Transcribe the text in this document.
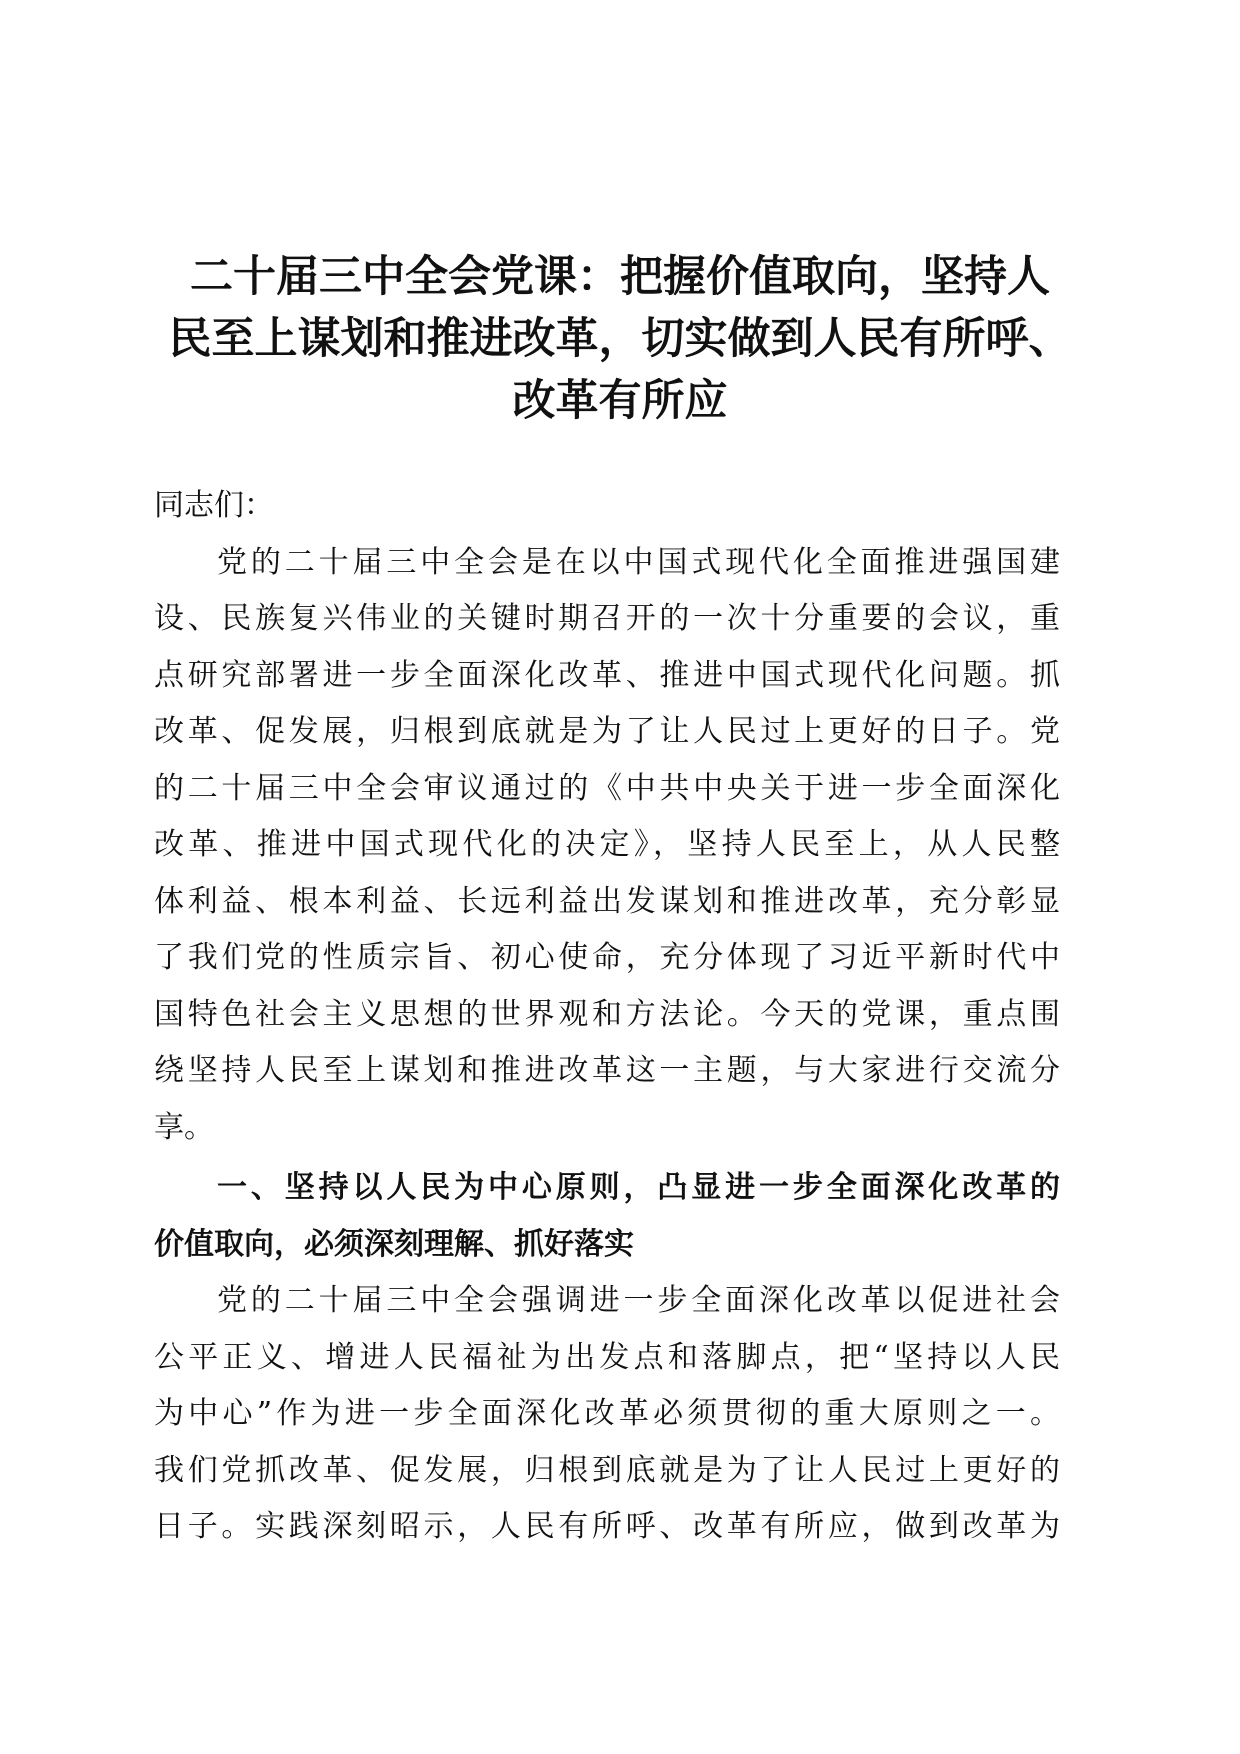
二十届三中全会党课：把握价值取向，坚持人
民至上谋划和推进改革，切实做到人民有所呼、
改革有所应
同志们：
党的二十届三中全会是在以中国式现代化全面推进强国建
设、民族复兴伟业的关键时期召开的一次十分重要的会议，重
点研究部署进一步全面深化改革、推进中国式现代化问题。抓
改革、促发展，归根到底就是为了让人民过上更好的日子。党
的二十届三中全会审议通过的《中共中央关于进一步全面深化
改革、推进中国式现代化的决定》，坚持人民至上，从人民整
体利益、根本利益、长远利益出发谋划和推进改革，充分彰显
了我们党的性质宗旨、初心使命，充分体现了习近平新时代中
国特色社会主义思想的世界观和方法论。今天的党课，重点围
绕坚持人民至上谋划和推进改革这一主题，与大家进行交流分
享。
一、坚持以人民为中心原则，凸显进一步全面深化改革的
价值取向，必须深刻理解、抓好落实
党的二十届三中全会强调进一步全面深化改革以促进社会
公平正义、增进人民福祉为出发点和落脚点，把“坚持以人民
为中心”作为进一步全面深化改革必须贯彻的重大原则之一。
我们党抓改革、促发展，归根到底就是为了让人民过上更好的
日子。实践深刻昭示，人民有所呼、改革有所应，做到改革为
